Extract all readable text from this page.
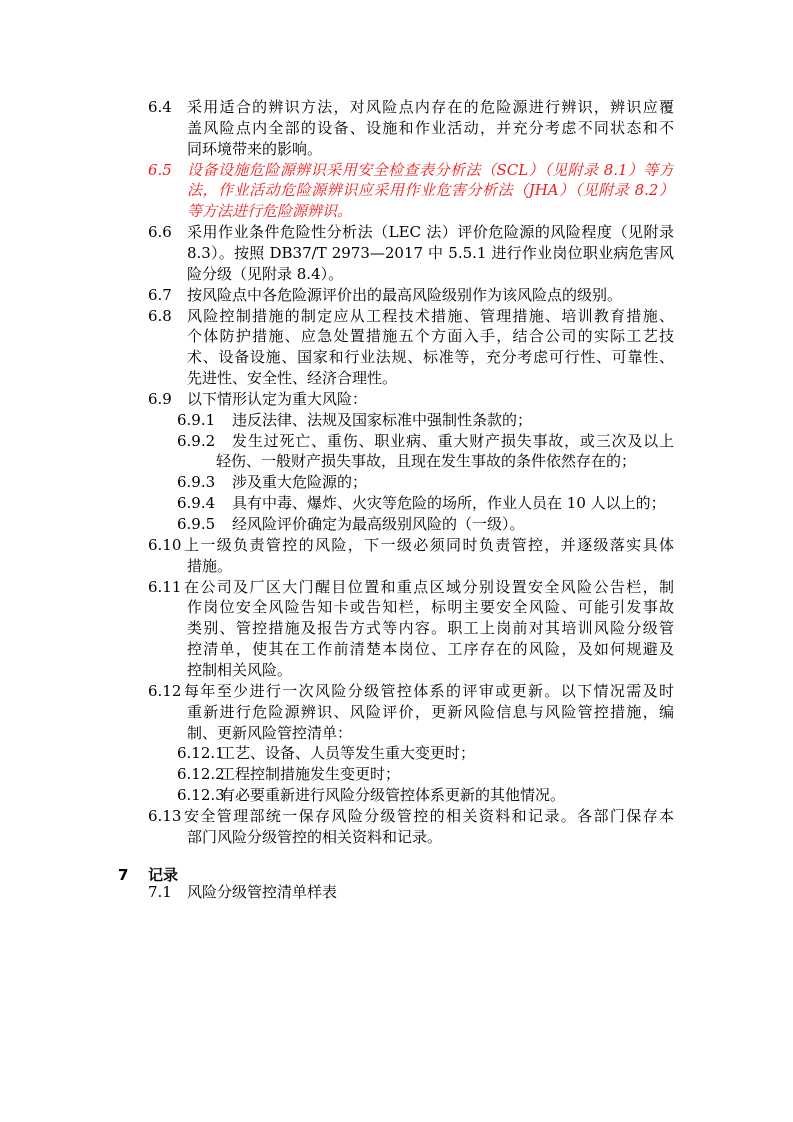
6.4 采用适合的辨识方法，对风险点内存在的危险源进行辨识，辨识应覆
盖风险点内全部的设备、设施和作业活动，并充分考虑不同状态和不
同环境带来的影响。
6.5 设备设施危险源辨识采用安全检查表分析法（SCL）（见附录 8.1）等方
法，作业活动危险源辨识应采用作业危害分析法（JHA）（见附录 8.2）
等方法进行危险源辨识。
6.6 采用作业条件危险性分析法（LEC 法）评价危险源的风险程度（见附录
8.3）。按照 DB37/T 2973—2017 中 5.5.1 进行作业岗位职业病危害风
险分级（见附录 8.4）。
6.7 按风险点中各危险源评价出的最高风险级别作为该风险点的级别。
6.8 风险控制措施的制定应从工程技术措施、管理措施、培训教育措施、
个体防护措施、应急处置措施五个方面入手，结合公司的实际工艺技
术、设备设施、国家和行业法规、标准等，充分考虑可行性、可靠性、
先进性、安全性、经济合理性。
6.9 以下情形认定为重大风险：
6.9.1 违反法律、法规及国家标准中强制性条款的；
6.9.2 发生过死亡、重伤、职业病、重大财产损失事故，或三次及以上
轻伤、一般财产损失事故，且现在发生事故的条件依然存在的；
6.9.3 涉及重大危险源的；
6.9.4 具有中毒、爆炸、火灾等危险的场所，作业人员在 10 人以上的；
6.9.5 经风险评价确定为最高级别风险的（一级）。
6.10 上一级负责管控的风险，下一级必须同时负责管控，并逐级落实具体
措施。
6.11 在公司及厂区大门醒目位置和重点区域分别设置安全风险公告栏，制
作岗位安全风险告知卡或告知栏，标明主要安全风险、可能引发事故
类别、管控措施及报告方式等内容。职工上岗前对其培训风险分级管
控清单，使其在工作前清楚本岗位、工序存在的风险，及如何规避及
控制相关风险。
6.12 每年至少进行一次风险分级管控体系的评审或更新。以下情况需及时
重新进行危险源辨识、风险评价，更新风险信息与风险管控措施，编
制、更新风险管控清单：
6.12.1
工艺、设备、人员等发生重大变更时；
6.12.2
工程控制措施发生变更时；
6.12.3
有必要重新进行风险分级管控体系更新的其他情况。
6.13 安全管理部统一保存风险分级管控的相关资料和记录。各部门保存本
部门风险分级管控的相关资料和记录。
7 记录
7.1 风险分级管控清单样表
